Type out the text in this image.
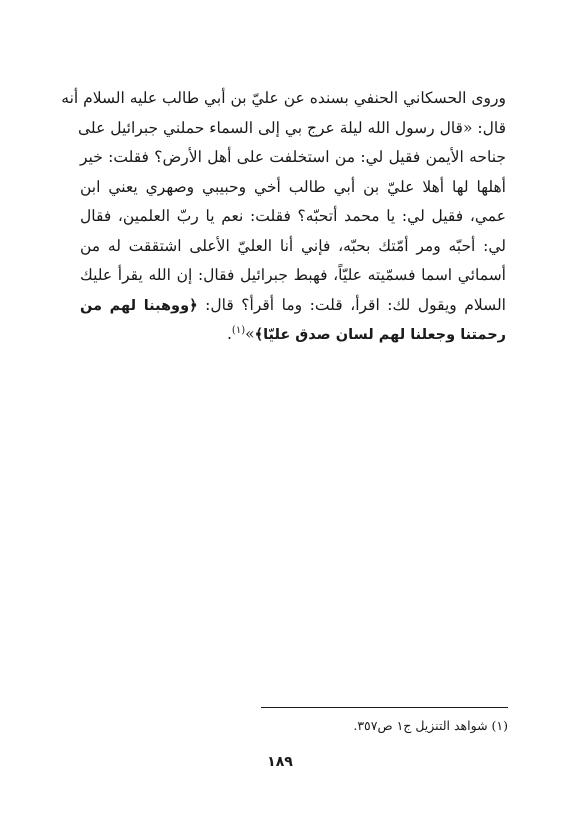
وروى الحسكاني الحنفي بسنده عن عليّ بن أبي طالب عليه السلام أنه
قال: «قال رسول الله ليلة عرج بي إلى السماء حملني جبرائيل على
جناحه الأيمن فقيل لي: من استخلفت على أهل الأرض؟ فقلت: خير
أهلها لها أهلا عليّ بن أبي طالب أخي وحبيبي وصهري يعني ابن
عمي، فقيل لي: يا محمد أتحبّه؟ فقلت: نعم يا ربّ العلمين، فقال
لي: أحبّه ومر أمّتك بحبّه، فإني أنا العليّ الأعلى اشتققت له من
أسمائي اسما فسمّيته عليّاً، فهبط جبرائيل فقال: إن الله يقرأ عليك
السلام ويقول لك: اقرأ، قلت: وما أقرأ؟ قال: ﴿ووهبنا لهم من
رحمتنا وجعلنا لهم لسان صدق عليّا﴾»$^{(١)}$.
(١) شواهد التنزيل ج١ ص٣٥٧.
١٨٩
